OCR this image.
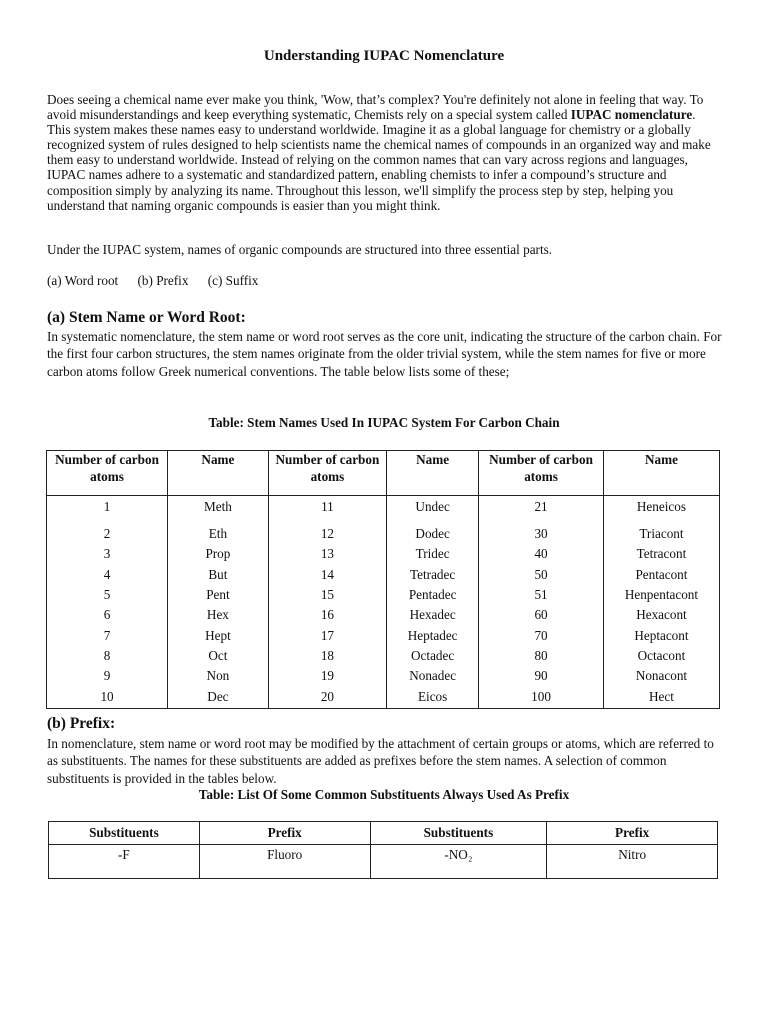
Understanding IUPAC Nomenclature

Does seeing a chemical name ever make you think, 'Wow, that’s complex? You're definitely not alone in feeling that way. To avoid misunderstandings and keep everything systematic, Chemists rely on a special system called IUPAC nomenclature. This system makes these names easy to understand worldwide. Imagine it as a global language for chemistry or a globally recognized system of rules designed to help scientists name the chemical names of compounds in an organized way and make them easy to understand worldwide. Instead of relying on the common names that can vary across regions and languages, IUPAC names adhere to a systematic and standardized pattern, enabling chemists to infer a compound’s structure and composition simply by analyzing its name. Throughout this lesson, we'll simplify the process step by step, helping you understand that naming organic compounds is easier than you might think.

Under the IUPAC system, names of organic compounds are structured into three essential parts.

(a) Word root (b) Prefix (c) Suffix

(a) Stem Name or Word Root:

In systematic nomenclature, the stem name or word root serves as the core unit, indicating the structure of the carbon chain. For the first four carbon structures, the stem names originate from the older trivial system, while the stem names for five or more carbon atoms follow Greek numerical conventions. The table below lists some of these;

Table: Stem Names Used In IUPAC System For Carbon Chain

Number of carbon atoms	Name	Number of carbon atoms	Name	Number of carbon atoms	Name
1	Meth	11	Undec	21	Heneicos
2	Eth	12	Dodec	30	Triacont
3	Prop	13	Tridec	40	Tetracont
4	But	14	Tetradec	50	Pentacont
5	Pent	15	Pentadec	51	Henpentacont
6	Hex	16	Hexadec	60	Hexacont
7	Hept	17	Heptadec	70	Heptacont
8	Oct	18	Octadec	80	Octacont
9	Non	19	Nonadec	90	Nonacont
10	Dec	20	Eicos	100	Hect
(b) Prefix:

In nomenclature, stem name or word root may be modified by the attachment of certain groups or atoms, which are referred to as substituents. The names for these substituents are added as prefixes before the stem names. A selection of common substituents is provided in the tables below.

Table: List Of Some Common Substituents Always Used As Prefix

Substituents	Prefix	Substituents	Prefix
-F	Fluoro	-NO₂	Nitro
